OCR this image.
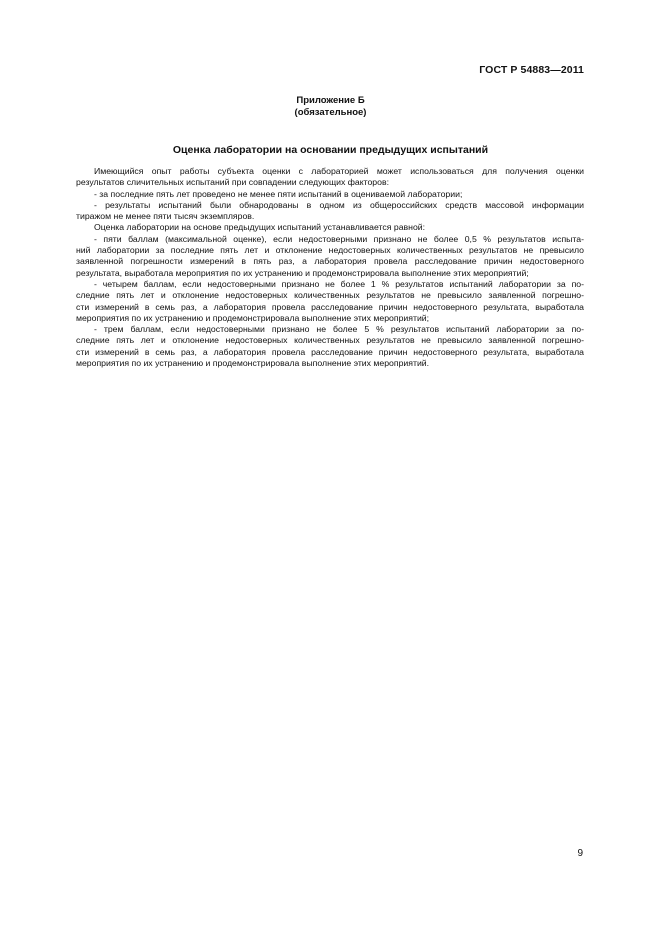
ГОСТ Р 54883—2011
Приложение Б
(обязательное)
Оценка лаборатории на основании предыдущих испытаний
Имеющийся опыт работы субъекта оценки с лабораторией может использоваться для получения оценки
результатов сличительных испытаний при совпадении следующих факторов:
- за последние пять лет проведено не менее пяти испытаний в оцениваемой лаборатории;
- результаты испытаний были обнародованы в одном из общероссийских средств массовой информации
тиражом не менее пяти тысяч экземпляров.
Оценка лаборатории на основе предыдущих испытаний устанавливается равной:
- пяти баллам (максимальной оценке), если недостоверными признано не более 0,5 % результатов испыта-
ний лаборатории за последние пять лет и отклонение недостоверных количественных результатов не превысило
заявленной погрешности измерений в пять раз, а лаборатория провела расследование причин недостоверного
результата, выработала мероприятия по их устранению и продемонстрировала выполнение этих мероприятий;
- четырем баллам, если недостоверными признано не более 1 % результатов испытаний лаборатории за по-
следние пять лет и отклонение недостоверных количественных результатов не превысило заявленной погрешно-
сти измерений в семь раз, а лаборатория провела расследование причин недостоверного результата, выработала
мероприятия по их устранению и продемонстрировала выполнение этих мероприятий;
- трем баллам, если недостоверными признано не более 5 % результатов испытаний лаборатории за по-
следние пять лет и отклонение недостоверных количественных результатов не превысило заявленной погрешно-
сти измерений в семь раз, а лаборатория провела расследование причин недостоверного результата, выработала
мероприятия по их устранению и продемонстрировала выполнение этих мероприятий.
9
